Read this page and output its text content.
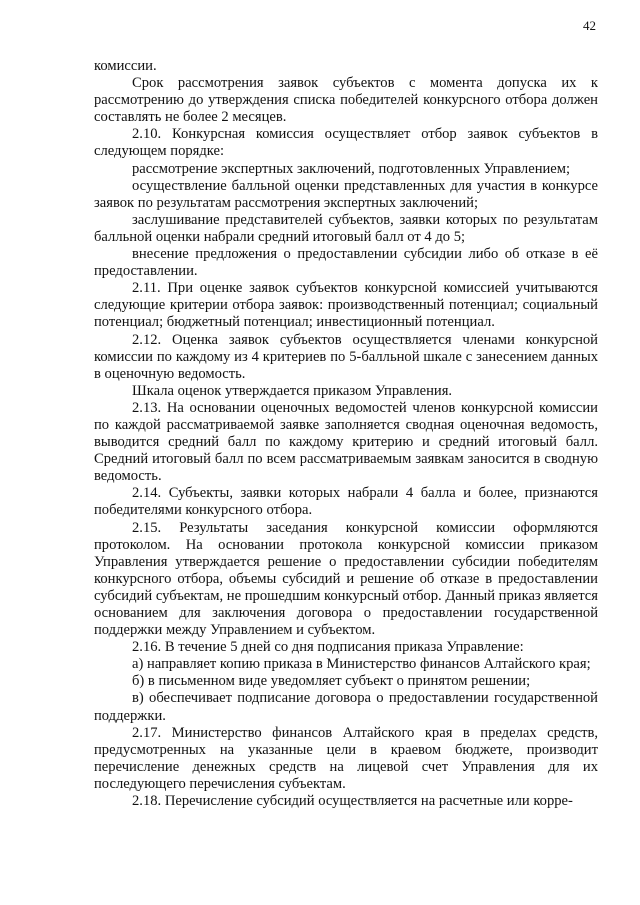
42

комиссии.

Срок рассмотрения заявок субъектов с момента допуска их к рассмотрению до утверждения списка победителей конкурсного отбора должен составлять не более 2 месяцев.

2.10. Конкурсная комиссия осуществляет отбор заявок субъектов в следующем порядке:

рассмотрение экспертных заключений, подготовленных Управлением;

осуществление балльной оценки представленных для участия в конкурсе заявок по результатам рассмотрения экспертных заключений;

заслушивание представителей субъектов, заявки которых по результатам балльной оценки набрали средний итоговый балл от 4 до 5;

внесение предложения о предоставлении субсидии либо об отказе в её предоставлении.

2.11. При оценке заявок субъектов конкурсной комиссией учитываются следующие критерии отбора заявок: производственный потенциал; социальный потенциал; бюджетный потенциал; инвестиционный потенциал.

2.12. Оценка заявок субъектов осуществляется членами конкурсной комиссии по каждому из 4 критериев по 5-балльной шкале с занесением данных в оценочную ведомость.

Шкала оценок утверждается приказом Управления.

2.13. На основании оценочных ведомостей членов конкурсной комиссии по каждой рассматриваемой заявке заполняется сводная оценочная ведомость, выводится средний балл по каждому критерию и средний итоговый балл. Средний итоговый балл по всем рассматриваемым заявкам заносится в сводную ведомость.

2.14. Субъекты, заявки которых набрали 4 балла и более, признаются победителями конкурсного отбора.

2.15. Результаты заседания конкурсной комиссии оформляются протоколом. На основании протокола конкурсной комиссии приказом Управления утверждается решение о предоставлении субсидии победителям конкурсного отбора, объемы субсидий и решение об отказе в предоставлении субсидий субъектам, не прошедшим конкурсный отбор. Данный приказ является основанием для заключения договора о предоставлении государственной поддержки между Управлением и субъектом.

2.16. В течение 5 дней со дня подписания приказа Управление:

а) направляет копию приказа в Министерство финансов Алтайского края;

б) в письменном виде уведомляет субъект о принятом решении;

в) обеспечивает подписание договора о предоставлении государственной поддержки.

2.17. Министерство финансов Алтайского края в пределах средств, предусмотренных на указанные цели в краевом бюджете, производит перечисление денежных средств на лицевой счет Управления для их последующего перечисления субъектам.

2.18. Перечисление субсидий осуществляется на расчетные или корре-
